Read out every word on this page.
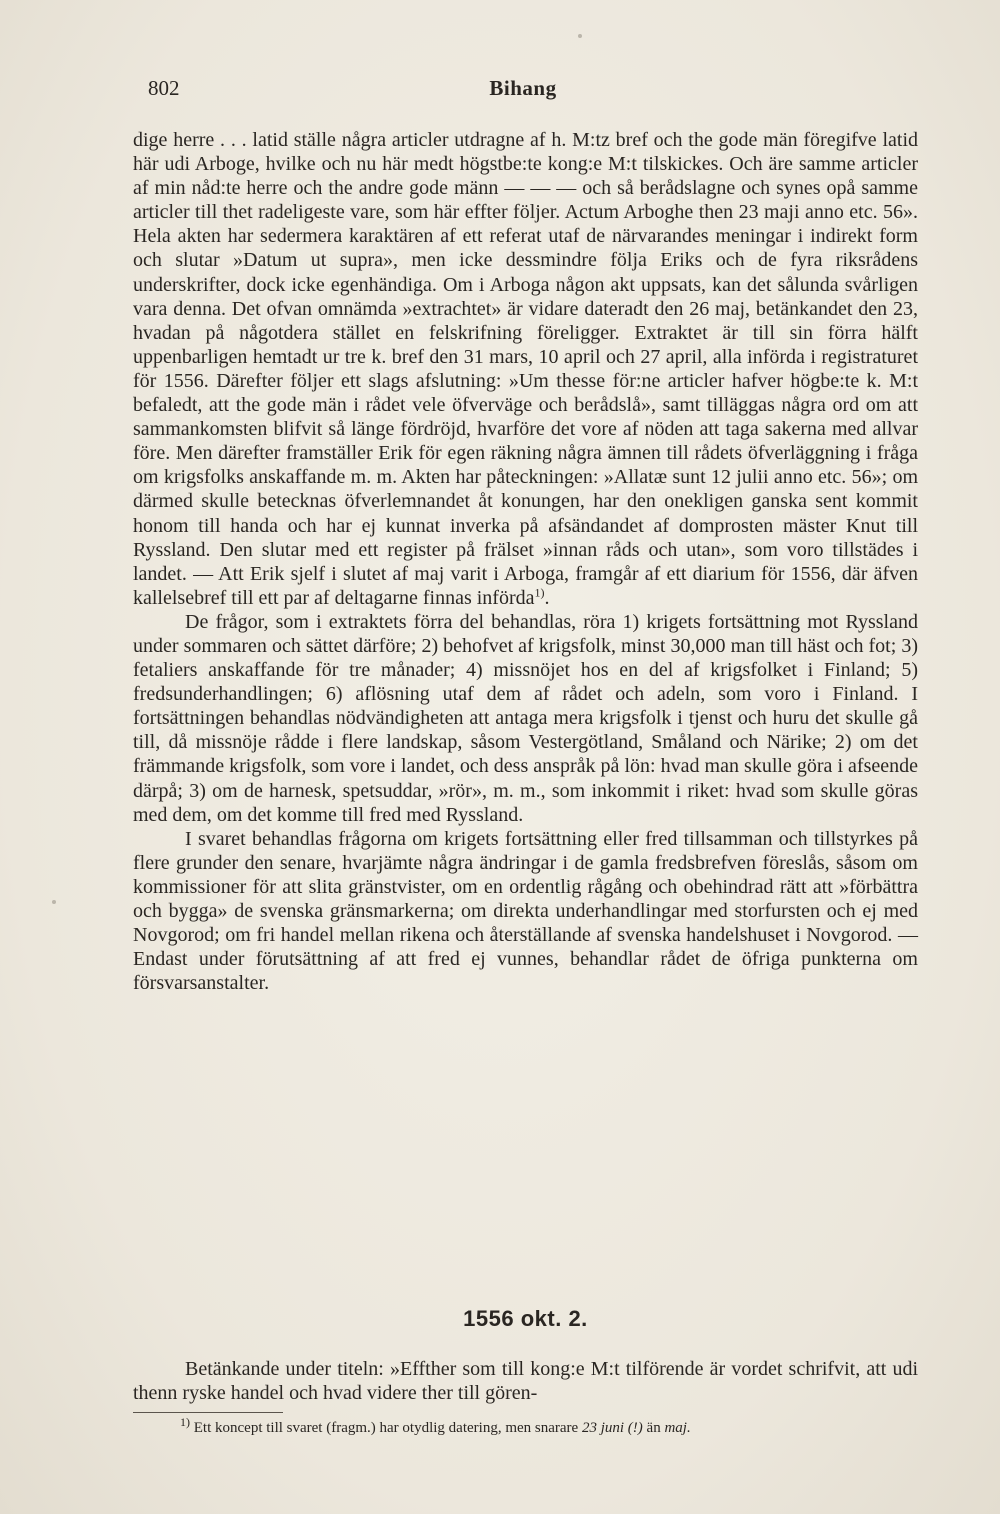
802	Bihang

dige herre . . . latid ställe några articler utdragne af h. M:tz bref och the gode män föregifve latid här udi Arboge, hvilke och nu här medt högstbe:te kong:e M:t tilskickes. Och äre samme articler af min nåd:te herre och the andre gode männ — — — och så berådslagne och synes opå samme articler till thet radeligeste vare, som här effter följer. Actum Arboghe then 23 maji anno etc. 56». Hela akten har sedermera karaktären af ett referat utaf de närvarandes meningar i indirekt form och slutar »Datum ut supra», men icke dessmindre följa Eriks och de fyra riksrådens underskrifter, dock icke egenhändiga. Om i Arboga någon akt uppsats, kan det sålunda svårligen vara denna. Det ofvan omnämda »extrachtet» är vidare dateradt den 26 maj, betänkandet den 23, hvadan på någotdera stället en felskrifning föreligger. Extraktet är till sin förra hälft uppenbarligen hemtadt ur tre k. bref den 31 mars, 10 april och 27 april, alla införda i registraturet för 1556. Därefter följer ett slags afslutning: »Um thesse för:ne articler hafver högbe:te k. M:t befaledt, att the gode män i rådet vele öfverväge och berådslå», samt tilläggas några ord om att sammankomsten blifvit så länge fördröjd, hvarföre det vore af nöden att taga sakerna med allvar före. Men därefter framställer Erik för egen räkning några ämnen till rådets öfverläggning i fråga om krigsfolks anskaffande m. m. Akten har påteckningen: »Allatæ sunt 12 julii anno etc. 56»; om därmed skulle betecknas öfverlemnandet åt konungen, har den onekligen ganska sent kommit honom till handa och har ej kunnat inverka på afsändandet af domprosten mäster Knut till Ryssland. Den slutar med ett register på frälset »innan råds och utan», som voro tillstädes i landet. — Att Erik sjelf i slutet af maj varit i Arboga, framgår af ett diarium för 1556, där äfven kallelsebref till ett par af deltagarne finnas införda$^{1)}$.

De frågor, som i extraktets förra del behandlas, röra 1) krigets fortsättning mot Ryssland under sommaren och sättet därföre; 2) behofvet af krigsfolk, minst 30,000 man till häst och fot; 3) fetaliers anskaffande för tre månader; 4) missnöjet hos en del af krigsfolket i Finland; 5) fredsunderhandlingen; 6) aflösning utaf dem af rådet och adeln, som voro i Finland. I fortsättningen behandlas nödvändigheten att antaga mera krigsfolk i tjenst och huru det skulle gå till, då missnöje rådde i flere landskap, såsom Vestergötland, Småland och Närike; 2) om det främmande krigsfolk, som vore i landet, och dess anspråk på lön: hvad man skulle göra i afseende därpå; 3) om de harnesk, spetsuddar, »rör», m. m., som inkommit i riket: hvad som skulle göras med dem, om det komme till fred med Ryssland.

I svaret behandlas frågorna om krigets fortsättning eller fred tillsamman och tillstyrkes på flere grunder den senare, hvarjämte några ändringar i de gamla fredsbrefven föreslås, såsom om kommissioner för att slita gränstvister, om en ordentlig rågång och obehindrad rätt att »förbättra och bygga» de svenska gränsmarkerna; om direkta underhandlingar med storfursten och ej med Novgorod; om fri handel mellan rikena och återställande af svenska handelshuset i Novgorod. — Endast under förutsättning af att fred ej vunnes, behandlar rådet de öfriga punkterna om försvarsanstalter.

1556 okt. 2.

Betänkande under titeln: »Effther som till kong:e M:t tilförende är vordet schrifvit, att udi thenn ryske handel och hvad videre ther till gören-

$^{1)}$ Ett koncept till svaret (fragm.) har otydlig datering, men snarare 23 juni (!) än maj.
